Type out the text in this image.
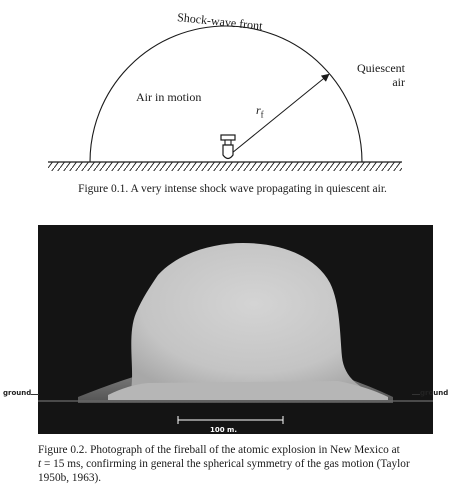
Shock-wave front
Air in motion
Quiescent
air
$r_f$
Figure 0.1. A very intense shock wave propagating in quiescent air.
ground	ground
100 m.
Figure 0.2. Photograph of the fireball of the atomic explosion in New Mexico at
t = 15 ms, confirming in general the spherical symmetry of the gas motion (Taylor
1950b, 1963).
